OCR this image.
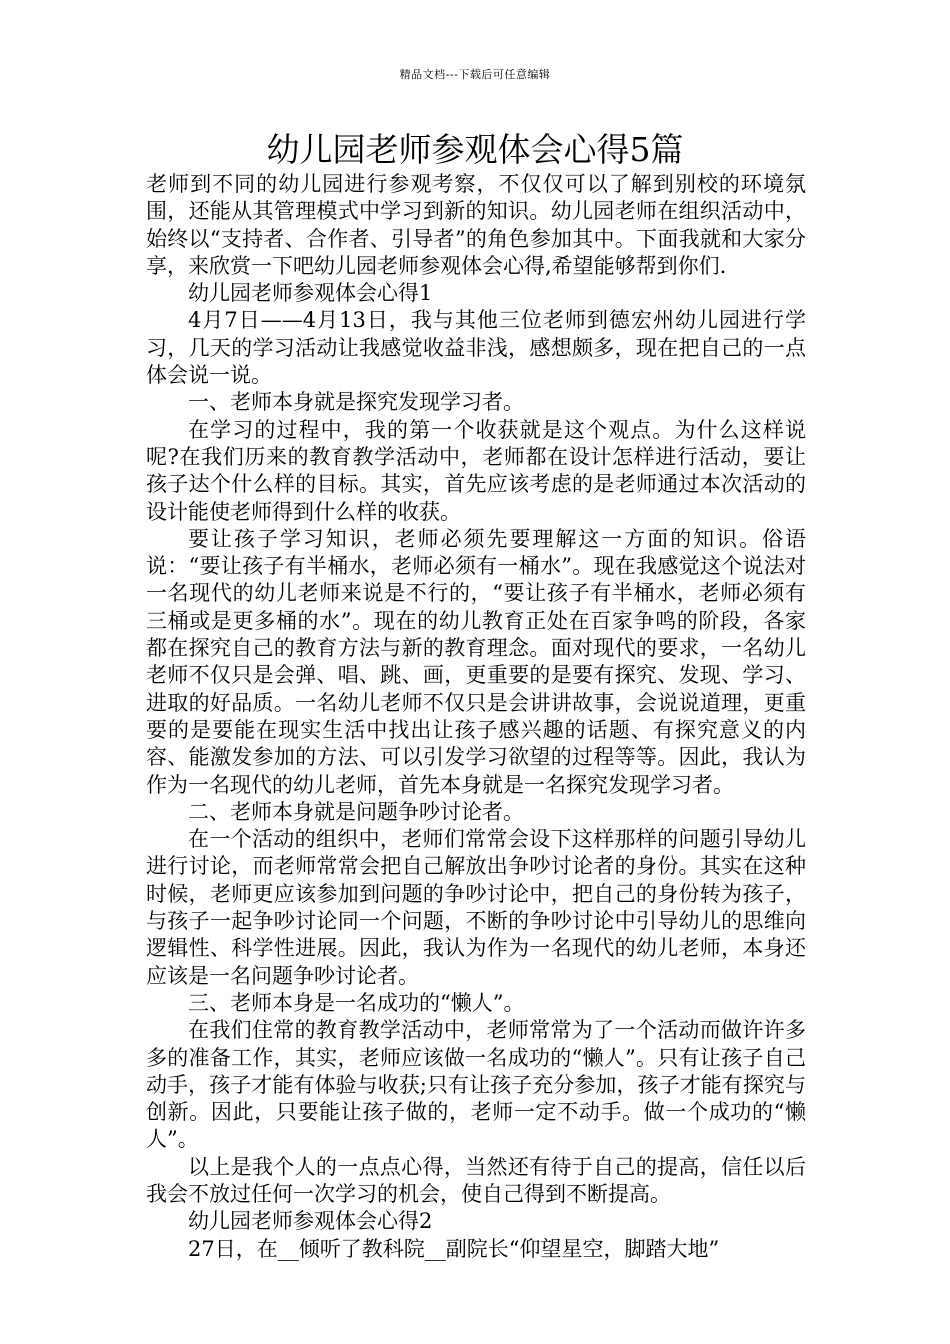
精品文档---下载后可任意编辑
幼儿园老师参观体会心得5篇

老师到不同的幼儿园进行参观考察，不仅仅可以了解到别校的环境氛围，还能从其管理模式中学习到新的知识。幼儿园老师在组织活动中，始终以“支持者、合作者、引导者”的角色参加其中。下面我就和大家分享，来欣赏一下吧幼儿园老师参观体会心得,希望能够帮到你们.

幼儿园老师参观体会心得1

4月7日——4月13日，我与其他三位老师到德宏州幼儿园进行学习，几天的学习活动让我感觉收益非浅，感想颇多，现在把自己的一点体会说一说。

一、老师本身就是探究发现学习者。

在学习的过程中，我的第一个收获就是这个观点。为什么这样说呢?在我们历来的教育教学活动中，老师都在设计怎样进行活动，要让孩子达个什么样的目标。其实，首先应该考虑的是老师通过本次活动的设计能使老师得到什么样的收获。

要让孩子学习知识，老师必须先要理解这一方面的知识。俗语说：“要让孩子有半桶水，老师必须有一桶水”。现在我感觉这个说法对一名现代的幼儿老师来说是不行的，“要让孩子有半桶水，老师必须有三桶或是更多桶的水”。现在的幼儿教育正处在百家争鸣的阶段，各家都在探究自己的教育方法与新的教育理念。面对现代的要求，一名幼儿老师不仅只是会弹、唱、跳、画，更重要的是要有探究、发现、学习、进取的好品质。一名幼儿老师不仅只是会讲讲故事，会说说道理，更重要的是要能在现实生活中找出让孩子感兴趣的话题、有探究意义的内容、能激发参加的方法、可以引发学习欲望的过程等等。因此，我认为作为一名现代的幼儿老师，首先本身就是一名探究发现学习者。

二、老师本身就是问题争吵讨论者。

在一个活动的组织中，老师们常常会设下这样那样的问题引导幼儿进行讨论，而老师常常会把自己解放出争吵讨论者的身份。其实在这种时候，老师更应该参加到问题的争吵讨论中，把自己的身份转为孩子，与孩子一起争吵讨论同一个问题，不断的争吵讨论中引导幼儿的思维向逻辑性、科学性进展。因此，我认为作为一名现代的幼儿老师，本身还应该是一名问题争吵讨论者。

三、老师本身是一名成功的“懒人”。

在我们住常的教育教学活动中，老师常常为了一个活动而做许许多多的准备工作，其实，老师应该做一名成功的“懒人”。只有让孩子自己动手，孩子才能有体验与收获;只有让孩子充分参加，孩子才能有探究与创新。因此，只要能让孩子做的，老师一定不动手。做一个成功的“懒人”。

以上是我个人的一点点心得，当然还有待于自己的提高，信任以后我会不放过任何一次学习的机会，使自己得到不断提高。

幼儿园老师参观体会心得2

27日，在__倾听了教科院__副院长“仰望星空，脚踏大地”
